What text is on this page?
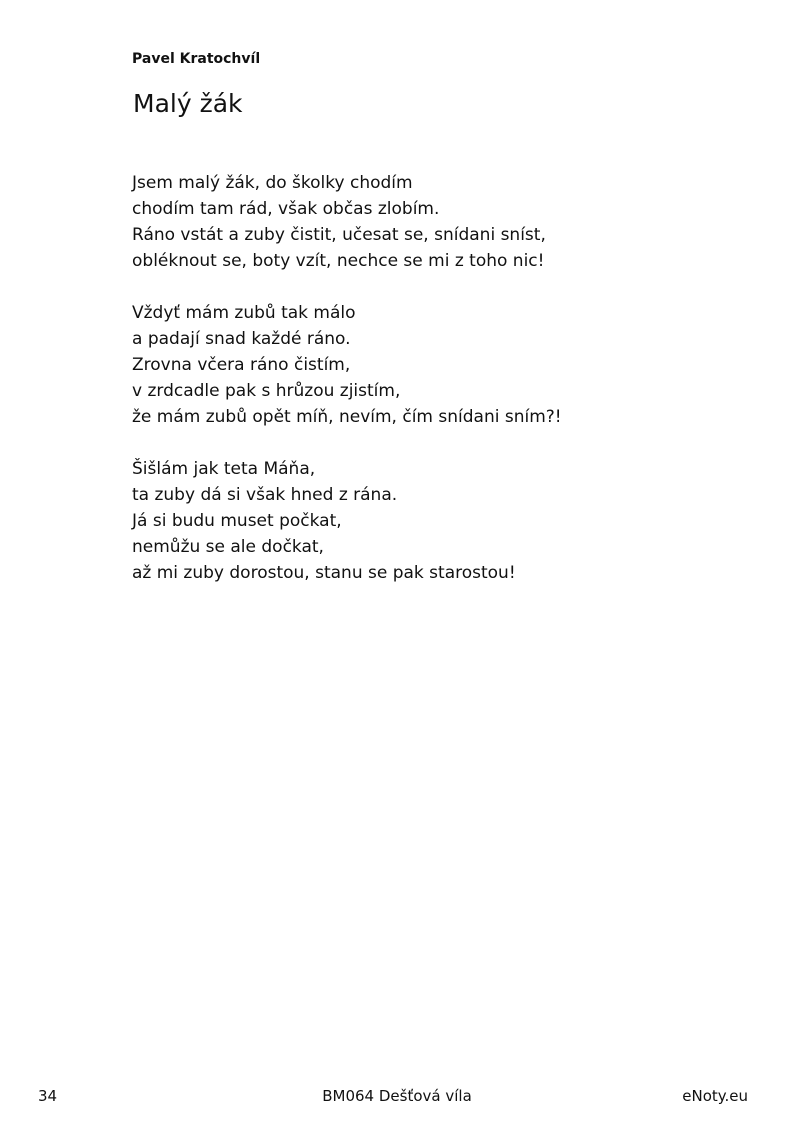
Pavel Kratochvíl
Malý žák
Jsem malý žák, do školky chodím
chodím tam rád, však občas zlobím.
Ráno vstát a zuby čistit, učesat se, snídani sníst,
obléknout se, boty vzít, nechce se mi z toho nic!
Vždyť mám zubů tak málo
a padají snad každé ráno.
Zrovna včera ráno čistím,
v zrdcadle pak s hrůzou zjistím,
že mám zubů opět míň, nevím, čím snídani sním?!
Šišlám jak teta Máňa,
ta zuby dá si však hned z rána.
Já si budu muset počkat,
nemůžu se ale dočkat,
až mi zuby dorostou, stanu se pak starostou!
34	BM064 Dešťová víla	eNoty.eu
